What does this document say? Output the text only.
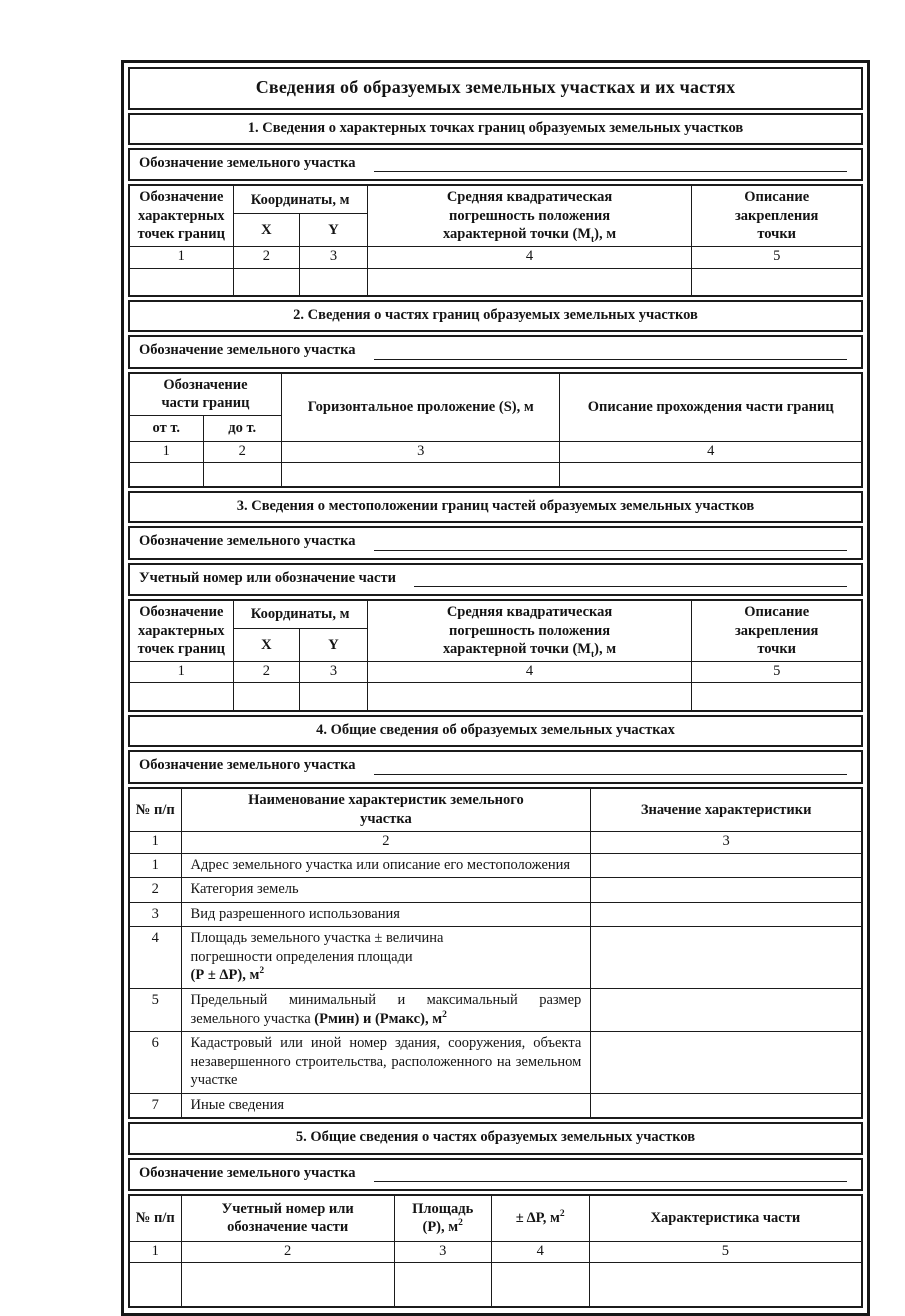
Сведения об образуемых земельных участках и их частях
1. Сведения о характерных точках границ образуемых земельных участков
Обозначение земельного участка
Обозначение характерных точек границ	Координаты, м		Средняя квадратическая погрешность положения характерной точки $(М_t)$, м	Описание закрепления точки
	X	Y		
1	2	3	4	5

2. Сведения о частях границ образуемых земельных участков
Обозначение земельного участка
Обозначение части границ		Горизонтальное проложение (S), м	Описание прохождения части границ
от т.	до т.		
1	2	3	4

3. Сведения о местоположении границ частей образуемых земельных участков
Обозначение земельного участка
Учетный номер или обозначение части
Обозначение характерных точек границ	Координаты, м		Средняя квадратическая погрешность положения характерной точки $(М_t)$, м	Описание закрепления точки
	X	Y		
1	2	3	4	5

4. Общие сведения об образуемых земельных участках
Обозначение земельного участка
№ п/п	Наименование характеристик земельного участка	Значение характеристики
1	2	3
1	Адрес земельного участка или описание его местоположения	
2	Категория земель	
3	Вид разрешенного использования	
4	Площадь земельного участка ± величина
погрешности определения площади
(Р ± ΔР), $м^2$	
5	Предельный минимальный и максимальный размер земельного участка (Рмин) и (Рмакс), $м^2$	
6	Кадастровый или иной номер здания, сооружения, объекта незавершенного строительства, расположенного на земельном участке	
7	Иные сведения	
5. Общие сведения о частях образуемых земельных участков
Обозначение земельного участка
№ п/п	Учетный номер или обозначение части	Площадь (Р), $м^2$	± ΔР, $м^2$	Характеристика части
1	2	3	4	5
